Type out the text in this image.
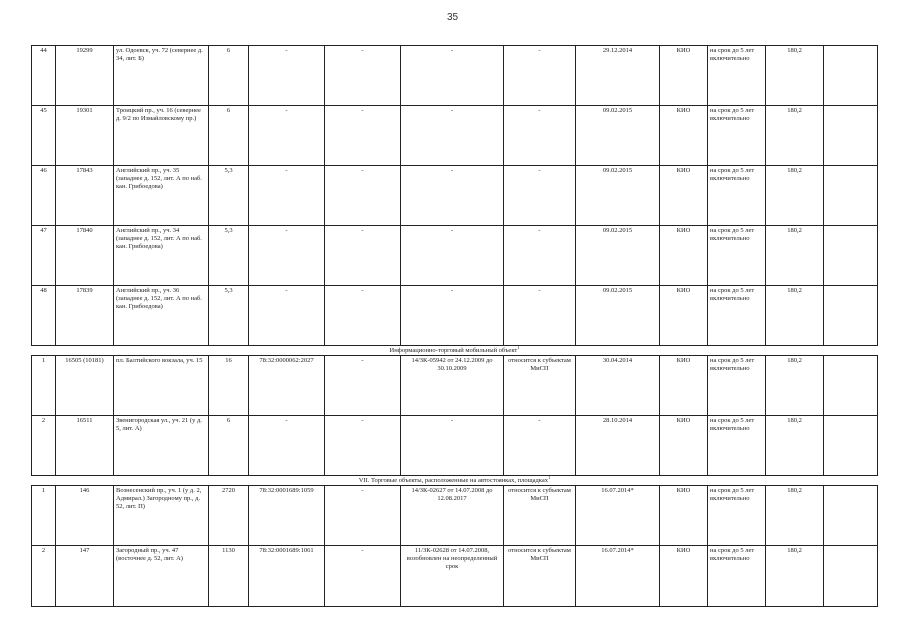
35
44	19299	ул. Одоевск, уч. 72 (севернее д. 34, лит. Б)	6	-	-	-	-	29.12.2014	КИО	на срок до 5 лет включительно	180,2	
45	19301	Троицкий пр., уч. 16 (севернее д. 9/2 по Измайловскому пр.)	6	-	-	-	-	09.02.2015	КИО	на срок до 5 лет включительно	180,2	
46	17843	Английский пр., уч. 35 (западнее д. 152, лит. А по наб. кан. Грибоедова)	5,3	-	-	-	-	09.02.2015	КИО	на срок до 5 лет включительно	180,2	
47	17840	Английский пр., уч. 34 (западнее д. 152, лит. А по наб. кан. Грибоедова)	5,3	-	-	-	-	09.02.2015	КИО	на срок до 5 лет включительно	180,2	
48	17839	Английский пр., уч. 36 (западнее д. 152, лит. А по наб. кан. Грибоедова)	5,3	-	-	-	-	09.02.2015	КИО	на срок до 5 лет включительно	180,2	
Информационно-торговый мобильный объект$^1$
1	16505 (10181)	пл. Балтийского вокзала, уч. 15	16	78:32:0000062:2027	-	14/ЗК-05942 от 24.12.2009 до 30.10.2009	относится к субъектам МиСП	30.04.2014	КИО	на срок до 5 лет включительно	180,2	
2	16511	Звенигородская ул., уч. 21 (у д. 5, лит. А)	6	-	-	-	-	28.10.2014	КИО	на срок до 5 лет включительно	180,2	
VII. Торговые объекты, расположенные на автостоянках, площадках$^1$
1	146	Вознесенский пр., уч. 1 (у д. 2, Адмирал.) Загородному пр., д. 52, лит. П)	2720	78:32:0001689:1059	-	14/ЗК-02627 от 14.07.2008 до 12.08.2017	относится к субъектам МиСП	16.07.2014*	КИО	на срок до 5 лет включительно	180,2	
2	147	Загородный пр., уч. 47 (восточнее д. 52, лит. А)	1130	78:32:0001689:1061	-	11/ЗК-02628 от 14.07.2008, возобновлен на неопределенный срок	относится к субъектам МиСП	16.07.2014*	КИО	на срок до 5 лет включительно	180,2	
